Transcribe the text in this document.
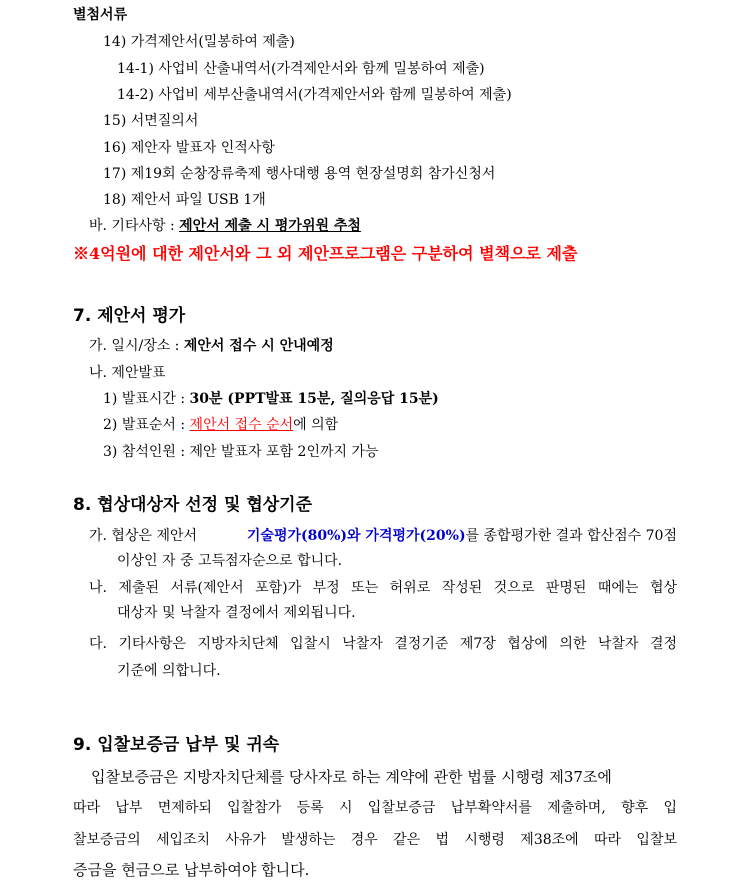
별첨서류
14) 가격제안서(밀봉하여 제출)
14-1) 사업비 산출내역서(가격제안서와 함께 밀봉하여 제출)
14-2) 사업비 세부산출내역서(가격제안서와 함께 밀봉하여 제출)
15) 서면질의서
16) 제안자 발표자 인적사항
17) 제19회 순창장류축제 행사대행 용역 현장설명회 참가신청서
18) 제안서 파일 USB 1개
바. 기타사항 : 제안서 제출 시 평가위원 추첨
※4억원에 대한 제안서와 그 외 제안프로그램은 구분하여 별책으로 제출
7. 제안서 평가
가. 일시/장소 : 제안서 접수 시 안내예정
나. 제안발표
1) 발표시간 : 30분 (PPT발표 15분, 질의응답 15분)
2) 발표순서 : 제안서 접수 순서에 의함
3) 참석인원 : 제안 발표자 포함 2인까지 가능
8. 협상대상자 선정 및 협상기준
가. 협상은 제안서	기술평가(80%)와 가격평가(20%)를 종합평가한 결과 합산점수 70점
이상인 자 중 고득점자순으로 합니다.
나. 제출된 서류(제안서 포함)가 부정 또는 허위로 작성된 것으로 판명된 때에는 협상
대상자 및 낙찰자 결정에서 제외됩니다.
다. 기타사항은 지방자치단체 입찰시 낙찰자 결정기준 제7장 협상에 의한 낙찰자 결정
기준에 의합니다.
9. 입찰보증금 납부 및 귀속
입찰보증금은 지방자치단체를 당사자로 하는 계약에 관한 법률 시행령 제37조에
따라 납부 면제하되 입찰참가 등록 시 입찰보증금 납부확약서를 제출하며, 향후 입
찰보증금의 세입조치 사유가 발생하는 경우 같은 법 시행령 제38조에 따라 입찰보
증금을 현금으로 납부하여야 합니다.
